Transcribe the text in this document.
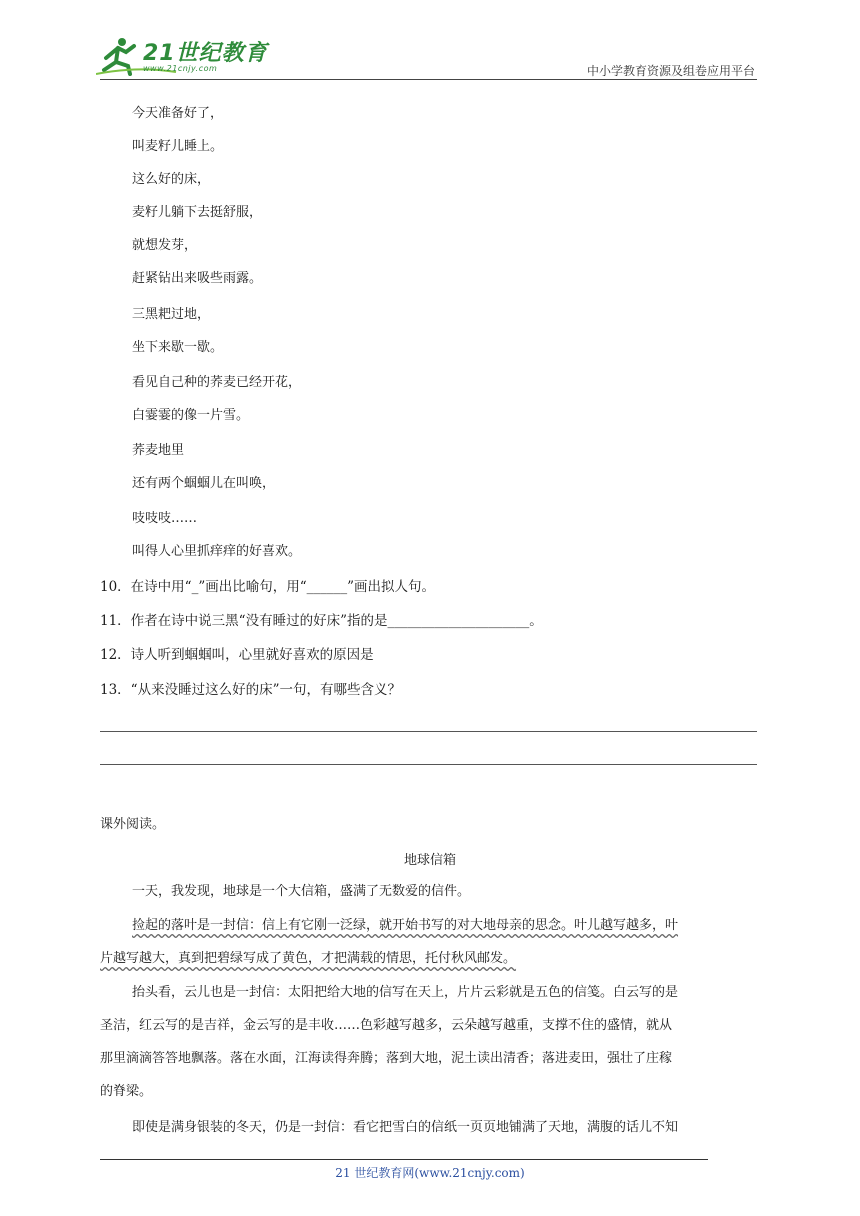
21世纪教育
www.21cnjy.com	中小学教育资源及组卷应用平台
今天准备好了，
叫麦籽儿睡上。
这么好的床，
麦籽儿躺下去挺舒服，
就想发芽，
赶紧钻出来吸些雨露。
三黑耙过地，
坐下来歇一歇。
看见自己种的荞麦已经开花，
白霎霎的像一片雪。
荞麦地里
还有两个蝈蝈儿在叫唤，
吱吱吱……
叫得人心里抓痒痒的好喜欢。
10．在诗中用“_”画出比喻句，用“______”画出拟人句。
11．作者在诗中说三黑“没有睡过的好床”指的是_____________________。
12．诗人听到蝈蝈叫，心里就好喜欢的原因是
13．“从来没睡过这么好的床”一句，有哪些含义？
课外阅读。
地球信箱
一天，我发现，地球是一个大信箱，盛满了无数爱的信件。
捡起的落叶是一封信：信上有它刚一泛绿，就开始书写的对大地母亲的思念。叶儿越写越多，叶
片越写越大，真到把碧绿写成了黄色，才把满载的情思，托付秋风邮发。
抬头看，云儿也是一封信：太阳把给大地的信写在天上，片片云彩就是五色的信笺。白云写的是
圣洁，红云写的是吉祥，金云写的是丰收……色彩越写越多，云朵越写越重，支撑不住的盛情，就从
那里滴滴答答地飘落。落在水面，江海读得奔腾；落到大地，泥土读出清香；落进麦田，强壮了庄稼
的脊梁。
即使是满身银装的冬天，仍是一封信：看它把雪白的信纸一页页地铺满了天地，满腹的话儿不知
21 世纪教育网(www.21cnjy.com)
